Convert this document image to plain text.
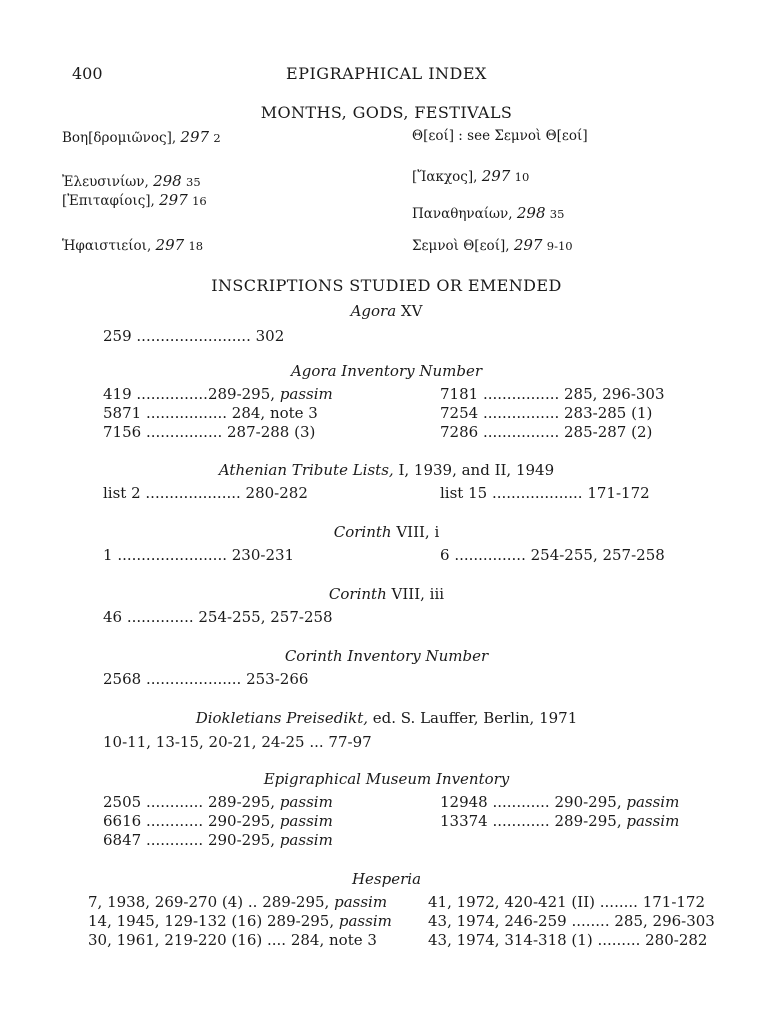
400	EPIGRAPHICAL INDEX
MONTHS, GODS, FESTIVALS
Βοη[δρομιῶνος], 297 2
Ἐλευσινίων, 298 35
[Ἐπιταφίοις], 297 16
Ἡφαιστιείοι, 297 18
Θ[εοί] : see Σεμνοὶ Θ[εοί]
[Ἴακχος], 297 10
Παναθηναίων, 298 35
Σεμνοὶ Θ[εοί], 297 9-10
INSCRIPTIONS STUDIED OR EMENDED
Agora XV
259 ........................ 302
Agora Inventory Number
419 ...............289-295, passim
5871 ................. 284, note 3
7156 ................ 287-288 (3)
7181 ................ 285, 296-303
7254 ................ 283-285 (1)
7286 ................ 285-287 (2)
Athenian Tribute Lists, I, 1939, and II, 1949
list 2 .................... 280-282	list 15 ................... 171-172
Corinth VIII, i
1 ....................... 230-231	6 ............... 254-255, 257-258
Corinth VIII, iii
46 .............. 254-255, 257-258
Corinth Inventory Number
2568 .................... 253-266
Diokletians Preisedikt, ed. S. Lauffer, Berlin, 1971
10-11, 13-15, 20-21, 24-25 ... 77-97
Epigraphical Museum Inventory
2505 ............ 289-295, passim
6616 ............ 290-295, passim
6847 ............ 290-295, passim
12948 ............ 290-295, passim
13374 ............ 289-295, passim
Hesperia
7, 1938, 269-270 (4) .. 289-295, passim
14, 1945, 129-132 (16) 289-295, passim
30, 1961, 219-220 (16) .... 284, note 3
41, 1972, 420-421 (II) ........ 171-172
43, 1974, 246-259 ........ 285, 296-303
43, 1974, 314-318 (1) ......... 280-282
